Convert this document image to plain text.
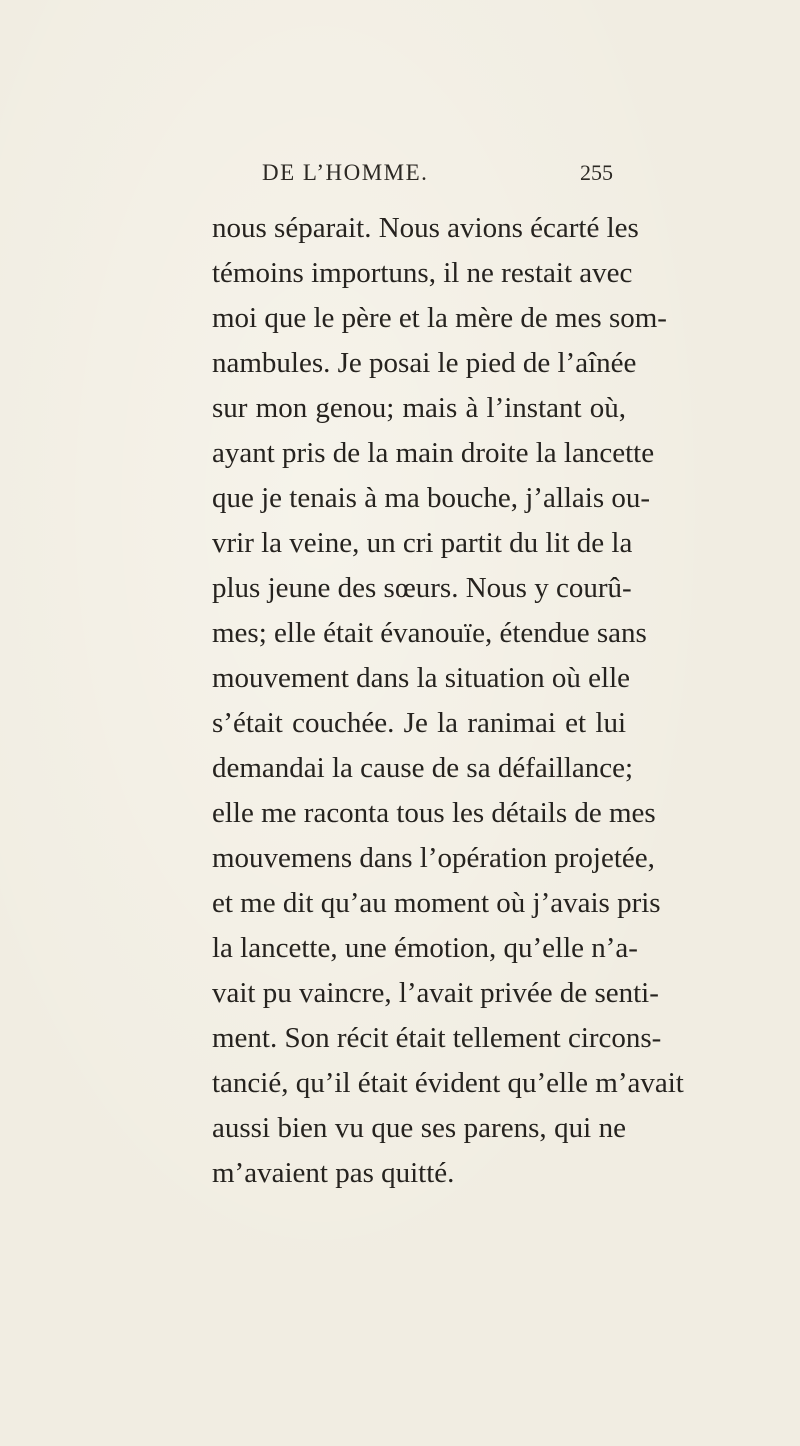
DE L’HOMME.	255
nous séparait. Nous avions écarté les
témoins importuns, il ne restait avec
moi que le père et la mère de mes som-
nambules. Je posai le pied de l’aînée
sur mon genou; mais à l’instant où,
ayant pris de la main droite la lancette
que je tenais à ma bouche, j’allais ou-
vrir la veine, un cri partit du lit de la
plus jeune des sœurs. Nous y courû-
mes; elle était évanouïe, étendue sans
mouvement dans la situation où elle
s’était couchée. Je la ranimai et lui
demandai la cause de sa défaillance;
elle me raconta tous les détails de mes
mouvemens dans l’opération projetée,
et me dit qu’au moment où j’avais pris
la lancette, une émotion, qu’elle n’a-
vait pu vaincre, l’avait privée de senti-
ment. Son récit était tellement circons-
tancié, qu’il était évident qu’elle m’avait
aussi bien vu que ses parens, qui ne
m’avaient pas quitté.
